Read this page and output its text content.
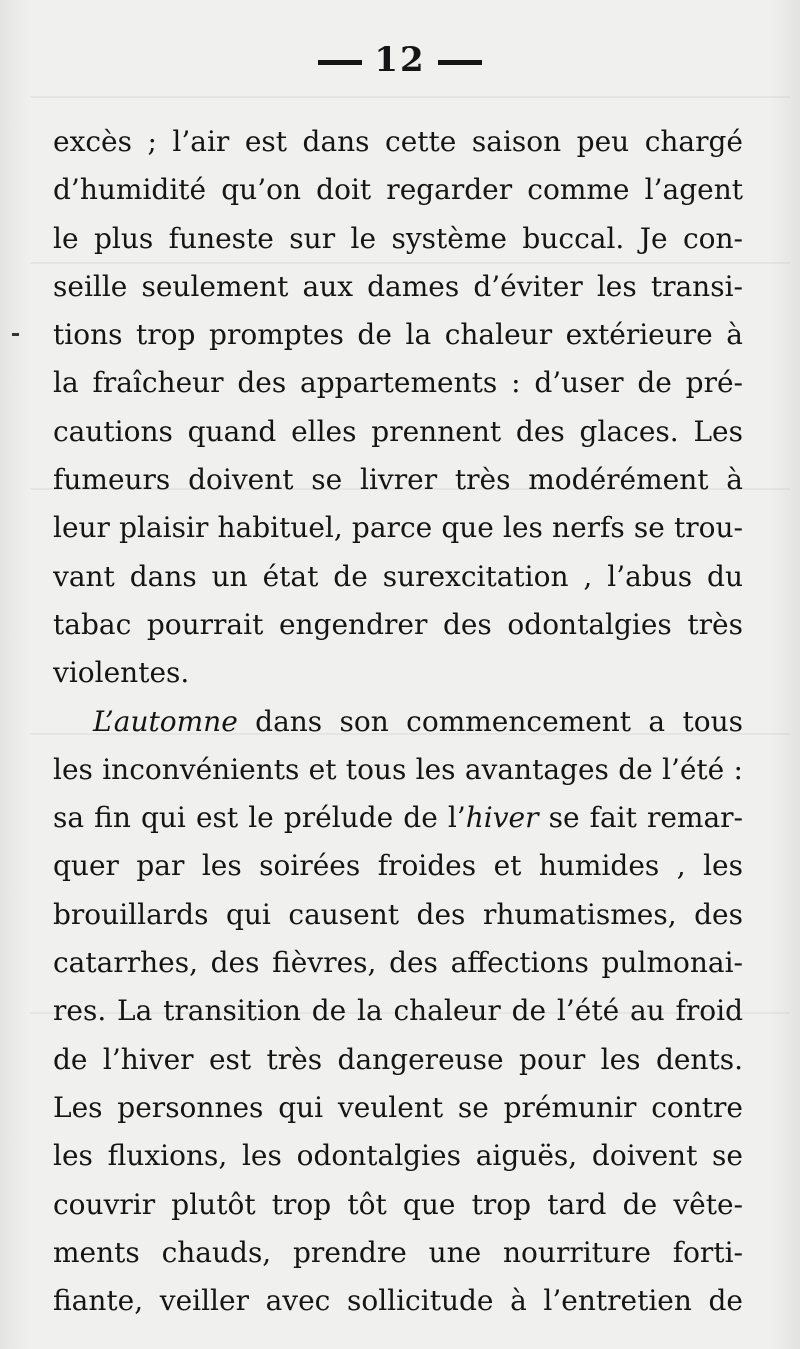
12
excès ; l’air est dans cette saison peu chargé
d’humidité qu’on doit regarder comme l’agent
le plus funeste sur le système buccal. Je con-
seille seulement aux dames d’éviter les transi-
tions trop promptes de la chaleur extérieure à
la fraîcheur des appartements : d’user de pré-
cautions quand elles prennent des glaces. Les
fumeurs doivent se livrer très modérément à
leur plaisir habituel, parce que les nerfs se trou-
vant dans un état de surexcitation , l’abus du
tabac pourrait engendrer des odontalgies très
violentes.
L’automne dans son commencement a tous
les inconvénients et tous les avantages de l’été :
sa fin qui est le prélude de l’hiver se fait remar-
quer par les soirées froides et humides , les
brouillards qui causent des rhumatismes, des
catarrhes, des fièvres, des affections pulmonai-
res. La transition de la chaleur de l’été au froid
de l’hiver est très dangereuse pour les dents.
Les personnes qui veulent se prémunir contre
les fluxions, les odontalgies aiguës, doivent se
couvrir plutôt trop tôt que trop tard de vête-
ments chauds, prendre une nourriture forti-
fiante, veiller avec sollicitude à l’entretien de
